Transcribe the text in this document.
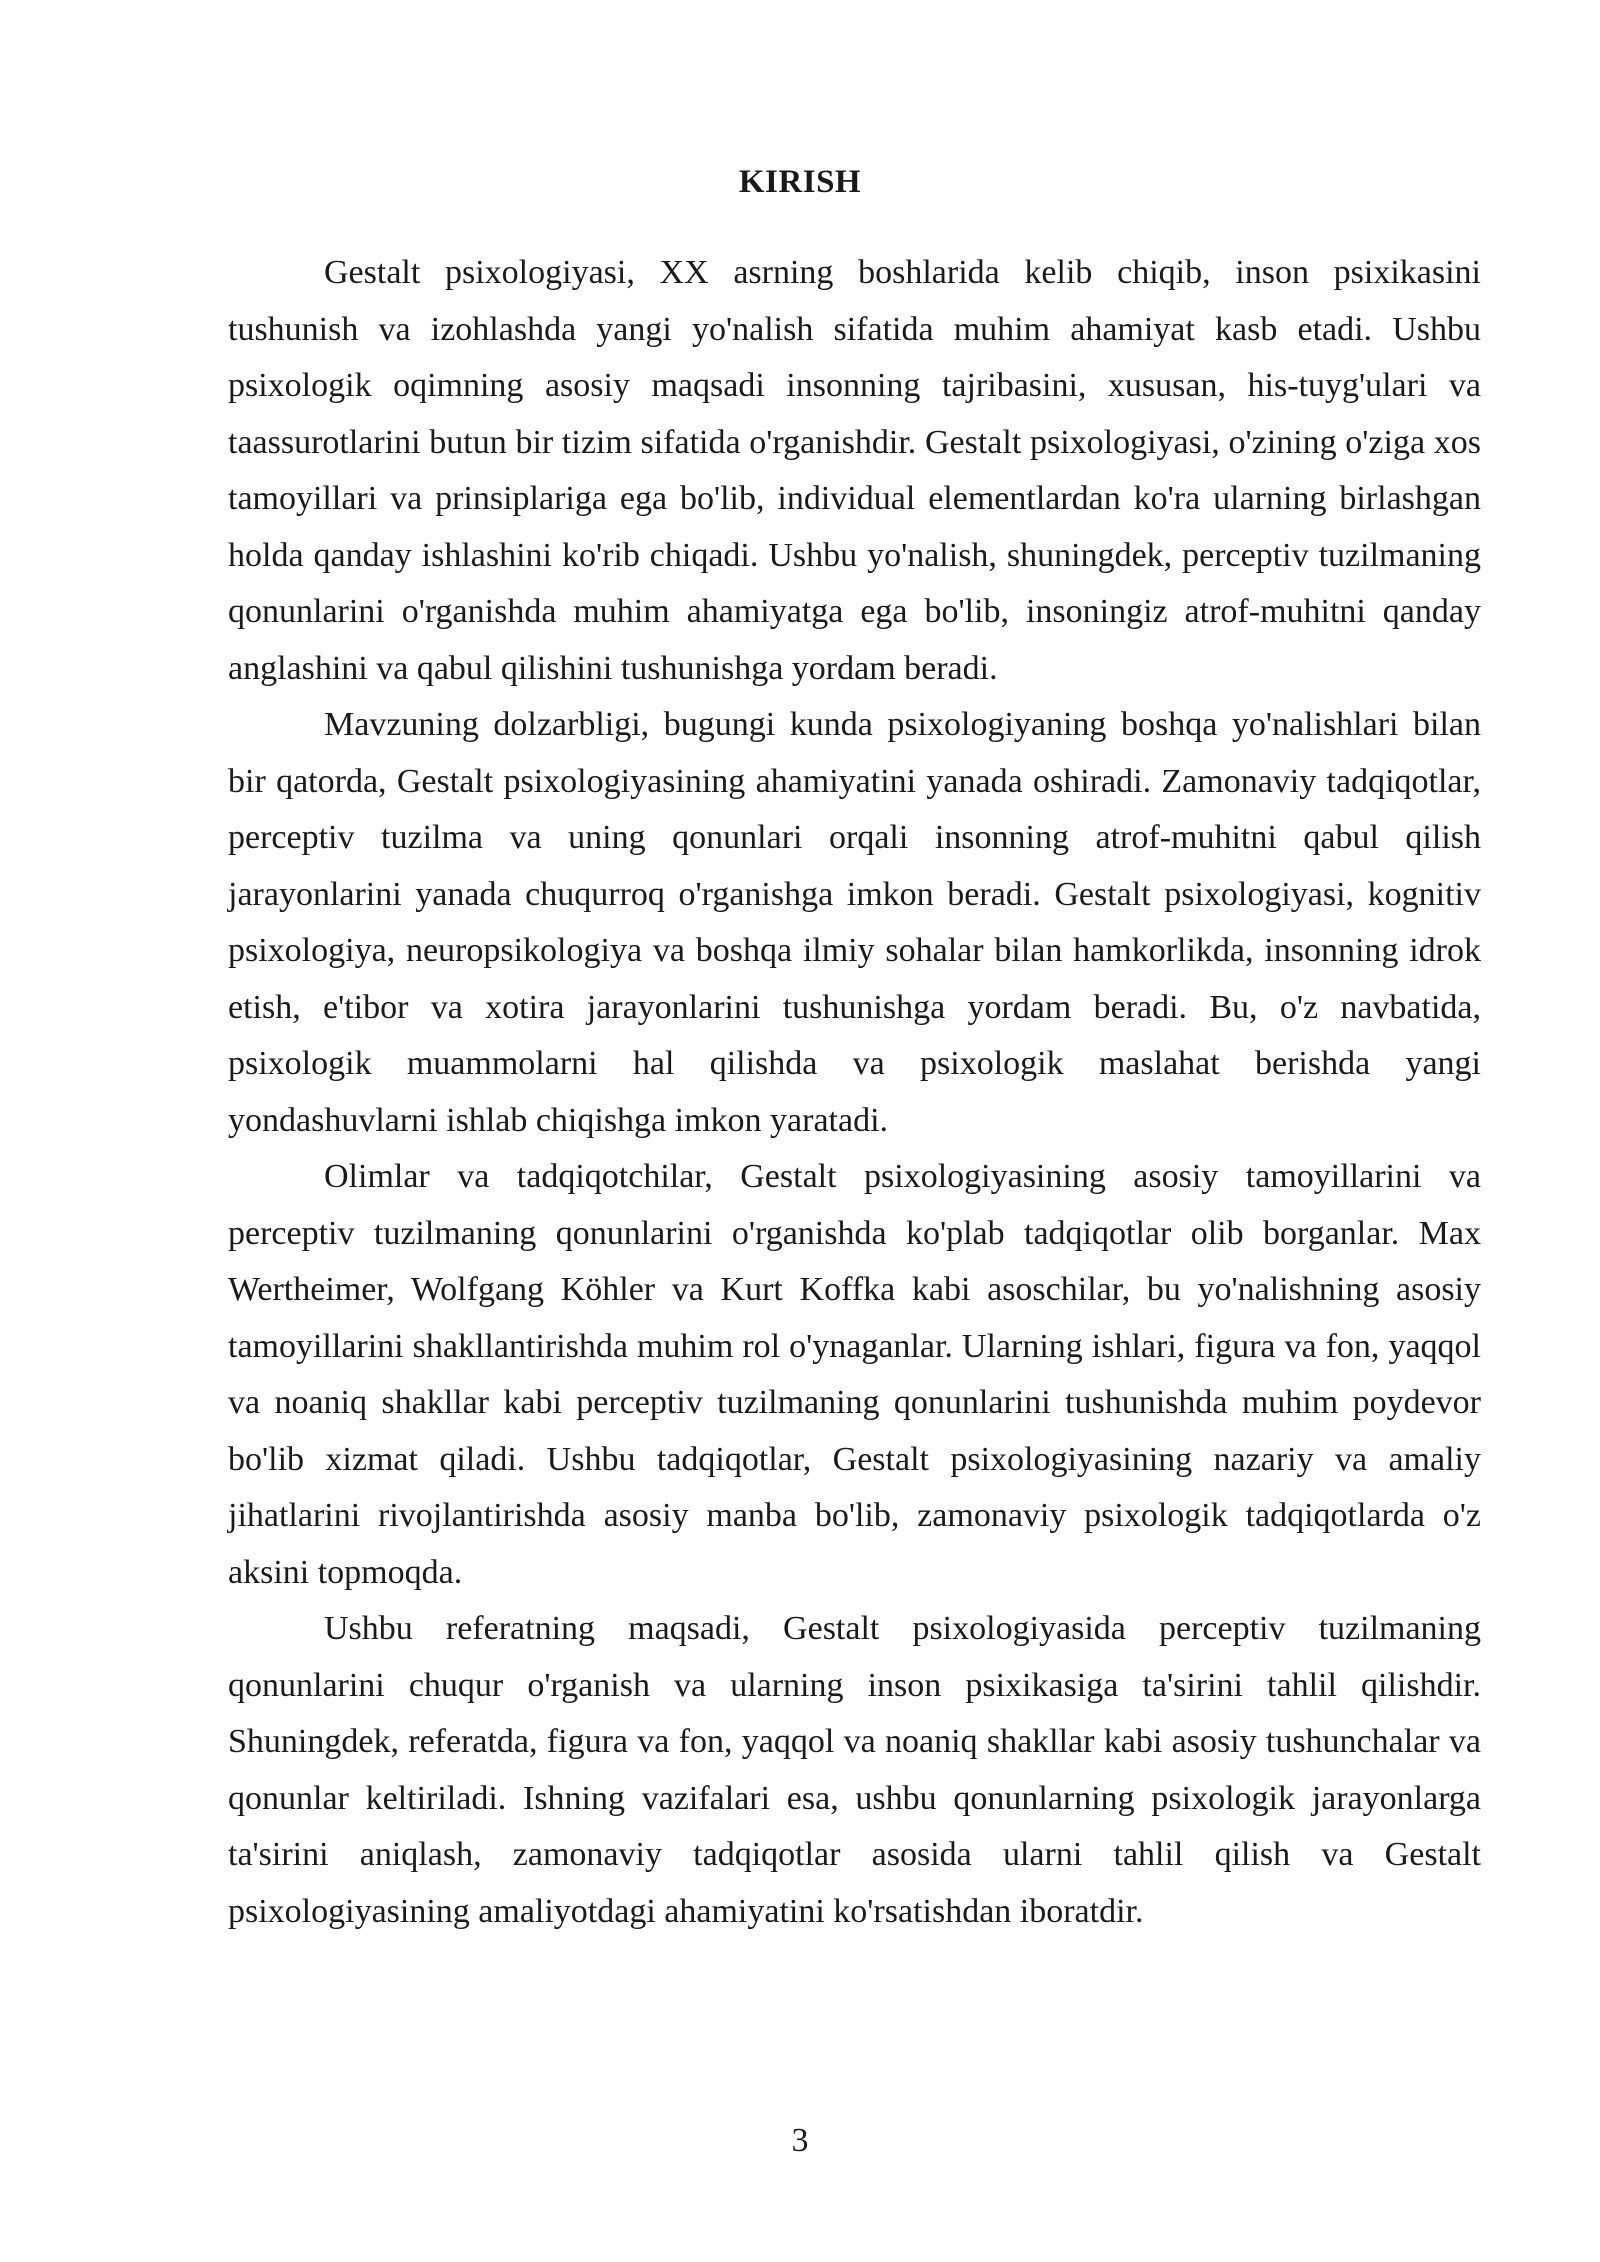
KIRISH

Gestalt psixologiyasi, XX asrning boshlarida kelib chiqib, inson psixikasini tushunish va izohlashda yangi yo'nalish sifatida muhim ahamiyat kasb etadi. Ushbu psixologik oqimning asosiy maqsadi insonning tajribasini, xususan, his-tuyg'ulari va taassurotlarini butun bir tizim sifatida o'rganishdir. Gestalt psixologiyasi, o'zining o'ziga xos tamoyillari va prinsiplariga ega bo'lib, individual elementlardan ko'ra ularning birlashgan holda qanday ishlashini ko'rib chiqadi. Ushbu yo'nalish, shuningdek, perceptiv tuzilmaning qonunlarini o'rganishda muhim ahamiyatga ega bo'lib, insoningiz atrof-muhitni qanday anglashini va qabul qilishini tushunishga yordam beradi.

Mavzuning dolzarbligi, bugungi kunda psixologiyaning boshqa yo'nalishlari bilan bir qatorda, Gestalt psixologiyasining ahamiyatini yanada oshiradi. Zamonaviy tadqiqotlar, perceptiv tuzilma va uning qonunlari orqali insonning atrof-muhitni qabul qilish jarayonlarini yanada chuqurroq o'rganishga imkon beradi. Gestalt psixologiyasi, kognitiv psixologiya, neuropsikologiya va boshqa ilmiy sohalar bilan hamkorlikda, insonning idrok etish, e'tibor va xotira jarayonlarini tushunishga yordam beradi. Bu, o'z navbatida, psixologik muammolarni hal qilishda va psixologik maslahat berishda yangi yondashuvlarni ishlab chiqishga imkon yaratadi.

Olimlar va tadqiqotchilar, Gestalt psixologiyasining asosiy tamoyillarini va perceptiv tuzilmaning qonunlarini o'rganishda ko'plab tadqiqotlar olib borganlar. Max Wertheimer, Wolfgang Köhler va Kurt Koffka kabi asoschilar, bu yo'nalishning asosiy tamoyillarini shakllantirishda muhim rol o'ynaganlar. Ularning ishlari, figura va fon, yaqqol va noaniq shakllar kabi perceptiv tuzilmaning qonunlarini tushunishda muhim poydevor bo'lib xizmat qiladi. Ushbu tadqiqotlar, Gestalt psixologiyasining nazariy va amaliy jihatlarini rivojlantirishda asosiy manba bo'lib, zamonaviy psixologik tadqiqotlarda o'z aksini topmoqda.

Ushbu referatning maqsadi, Gestalt psixologiyasida perceptiv tuzilmaning qonunlarini chuqur o'rganish va ularning inson psixikasiga ta'sirini tahlil qilishdir. Shuningdek, referatda, figura va fon, yaqqol va noaniq shakllar kabi asosiy tushunchalar va qonunlar keltiriladi. Ishning vazifalari esa, ushbu qonunlarning psixologik jarayonlarga ta'sirini aniqlash, zamonaviy tadqiqotlar asosida ularni tahlil qilish va Gestalt psixologiyasining amaliyotdagi ahamiyatini ko'rsatishdan iboratdir.

3
